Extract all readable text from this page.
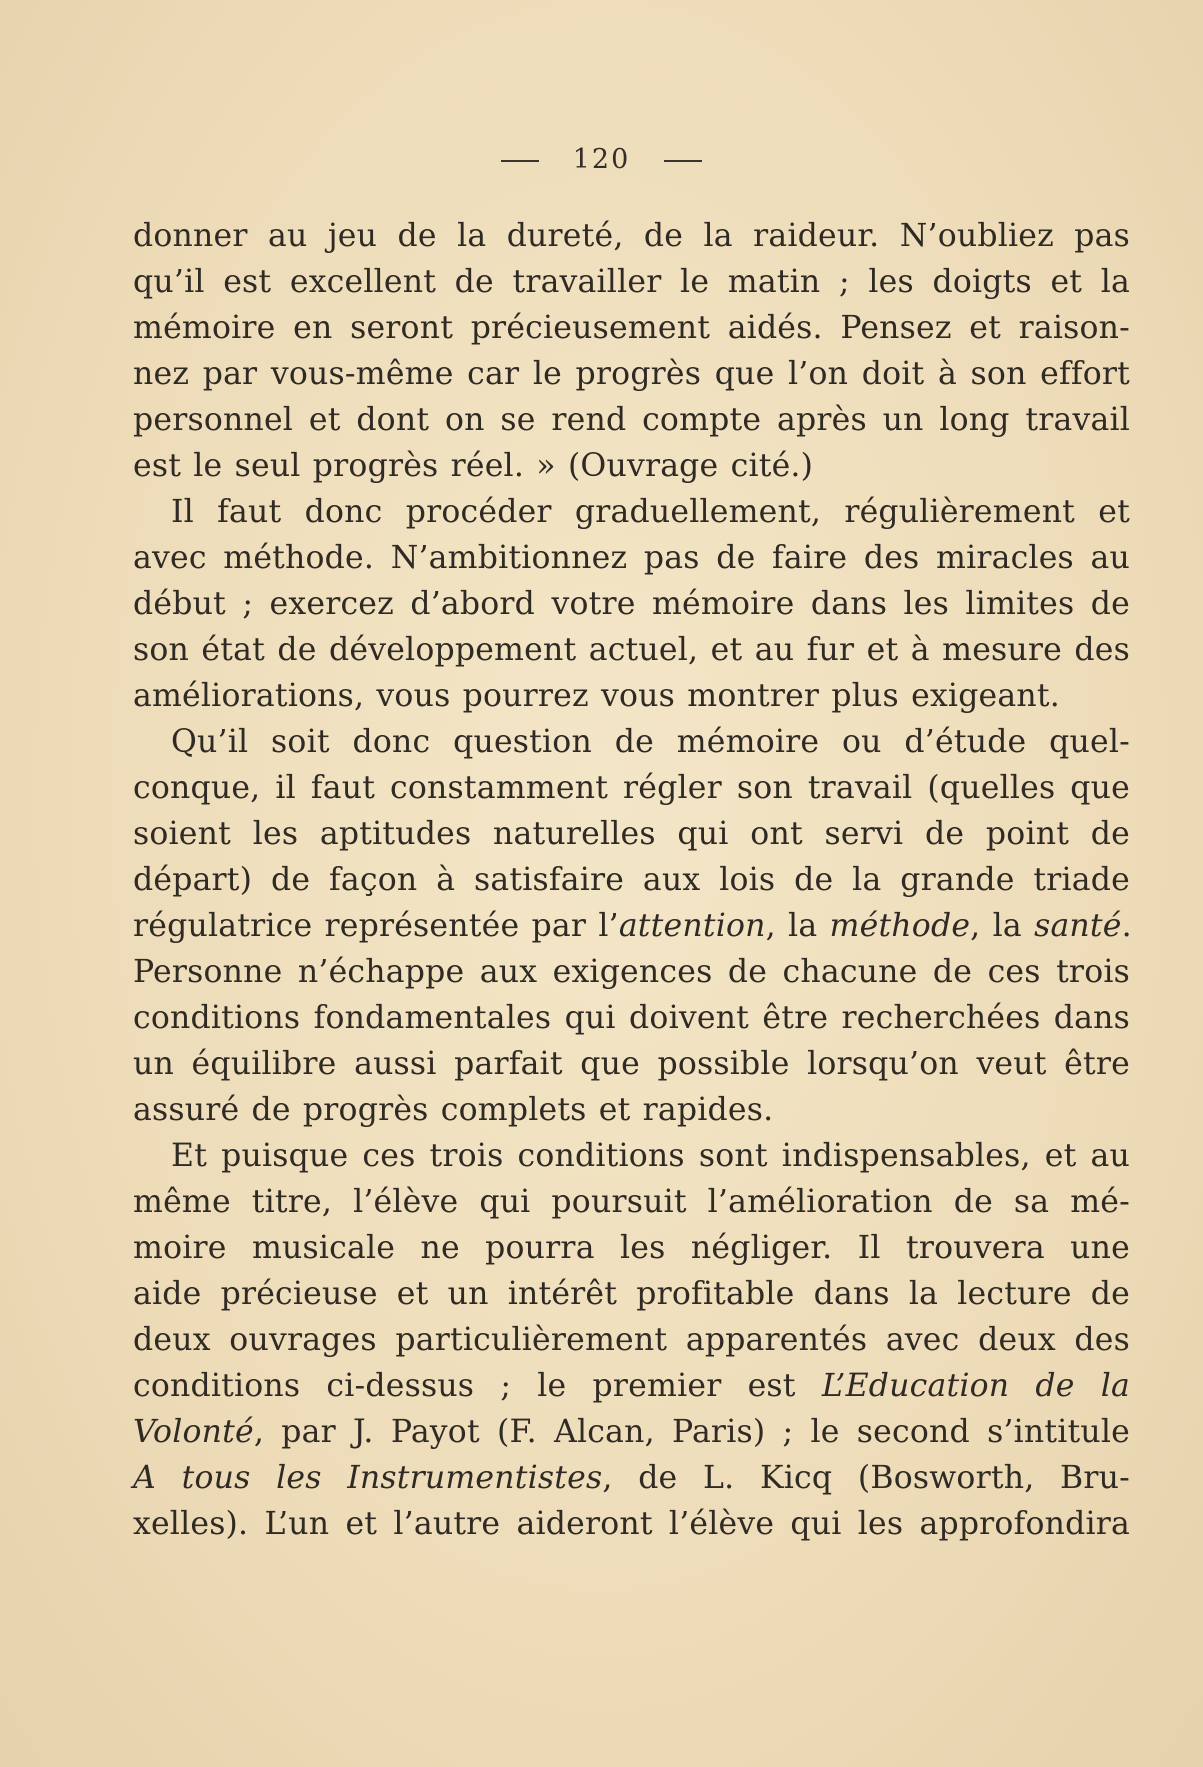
120
donner au jeu de la dureté, de la raideur. N’oubliez pas
qu’il est excellent de travailler le matin ; les doigts et la
mémoire en seront précieusement aidés. Pensez et raison-
nez par vous-même car le progrès que l’on doit à son effort
personnel et dont on se rend compte après un long travail
est le seul progrès réel. » (Ouvrage cité.)
Il faut donc procéder graduellement, régulièrement et
avec méthode. N’ambitionnez pas de faire des miracles au
début ; exercez d’abord votre mémoire dans les limites de
son état de développement actuel, et au fur et à mesure des
améliorations, vous pourrez vous montrer plus exigeant.
Qu’il soit donc question de mémoire ou d’étude quel-
conque, il faut constamment régler son travail (quelles que
soient les aptitudes naturelles qui ont servi de point de
départ) de façon à satisfaire aux lois de la grande triade
régulatrice représentée par l’attention, la méthode, la santé.
Personne n’échappe aux exigences de chacune de ces trois
conditions fondamentales qui doivent être recherchées dans
un équilibre aussi parfait que possible lorsqu’on veut être
assuré de progrès complets et rapides.
Et puisque ces trois conditions sont indispensables, et au
même titre, l’élève qui poursuit l’amélioration de sa mé-
moire musicale ne pourra les négliger. Il trouvera une
aide précieuse et un intérêt profitable dans la lecture de
deux ouvrages particulièrement apparentés avec deux des
conditions ci-dessus ; le premier est L’Education de la
Volonté, par J. Payot (F. Alcan, Paris) ; le second s’intitule
A tous les Instrumentistes, de L. Kicq (Bosworth, Bru-
xelles). L’un et l’autre aideront l’élève qui les approfondira
